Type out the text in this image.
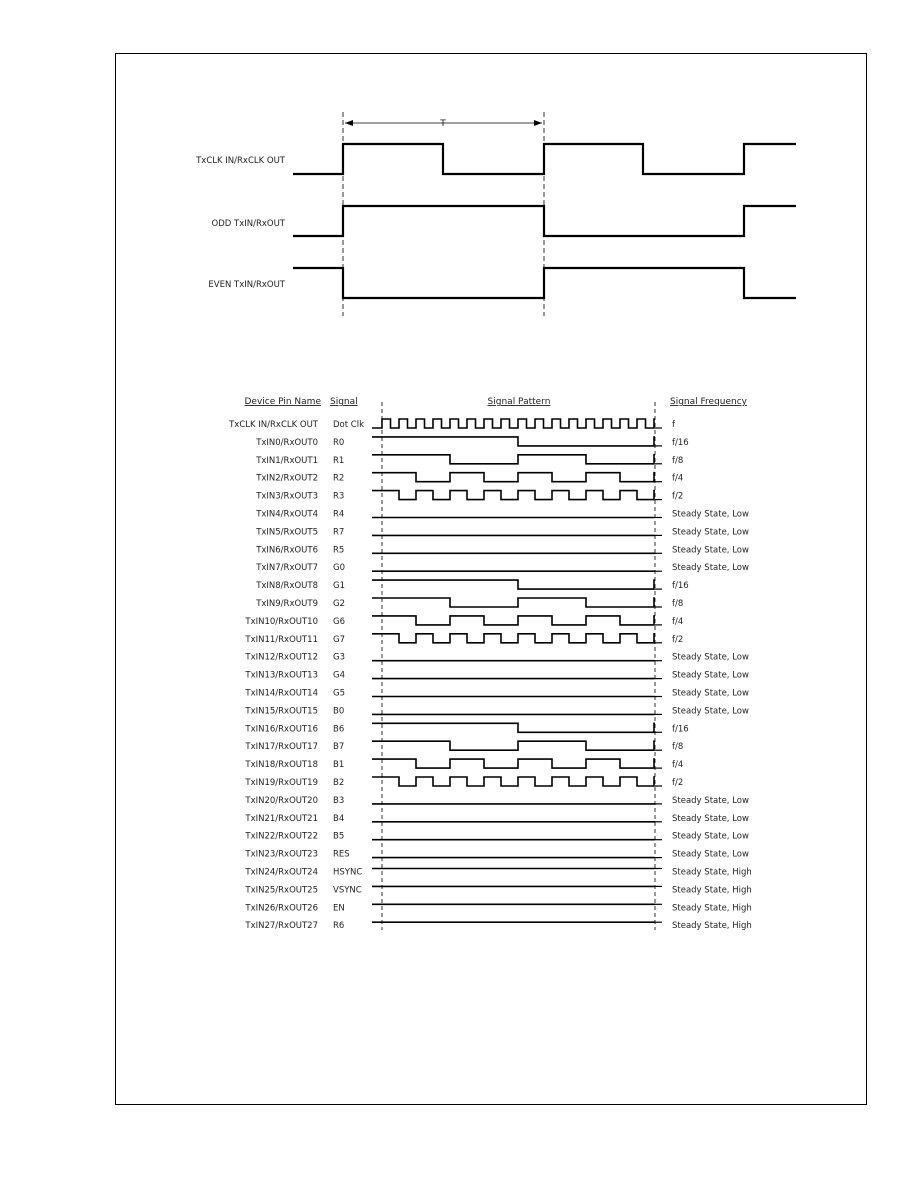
T
TxCLK IN/RxCLK OUT
ODD TxIN/RxOUT
EVEN TxIN/RxOUT
Device Pin Name Signal	Signal Pattern	Signal Frequency
TxCLK IN/RxCLK OUT Dot Clk	f
TxIN0/RxOUT0 R0	f/16
TxIN1/RxOUT1 R1	f/8
TxIN2/RxOUT2 R2	f/4
TxIN3/RxOUT3 R3	f/2
TxIN4/RxOUT4 R4	Steady State, Low
TxIN5/RxOUT5 R7	Steady State, Low
TxIN6/RxOUT6 R5	Steady State, Low
TxIN7/RxOUT7 G0	Steady State, Low
TxIN8/RxOUT8 G1	f/16
TxIN9/RxOUT9 G2	f/8
TxIN10/RxOUT10 G6	f/4
TxIN11/RxOUT11 G7	f/2
TxIN12/RxOUT12 G3	Steady State, Low
TxIN13/RxOUT13 G4	Steady State, Low
TxIN14/RxOUT14 G5	Steady State, Low
TxIN15/RxOUT15 B0	Steady State, Low
TxIN16/RxOUT16 B6	f/16
TxIN17/RxOUT17 B7	f/8
TxIN18/RxOUT18 B1	f/4
TxIN19/RxOUT19 B2	f/2
TxIN20/RxOUT20 B3	Steady State, Low
TxIN21/RxOUT21 B4	Steady State, Low
TxIN22/RxOUT22 B5	Steady State, Low
TxIN23/RxOUT23 RES	Steady State, Low
TxIN24/RxOUT24 HSYNC	Steady State, High
TxIN25/RxOUT25 VSYNC	Steady State, High
TxIN26/RxOUT26 EN	Steady State, High
TxIN27/RxOUT27 R6	Steady State, High
